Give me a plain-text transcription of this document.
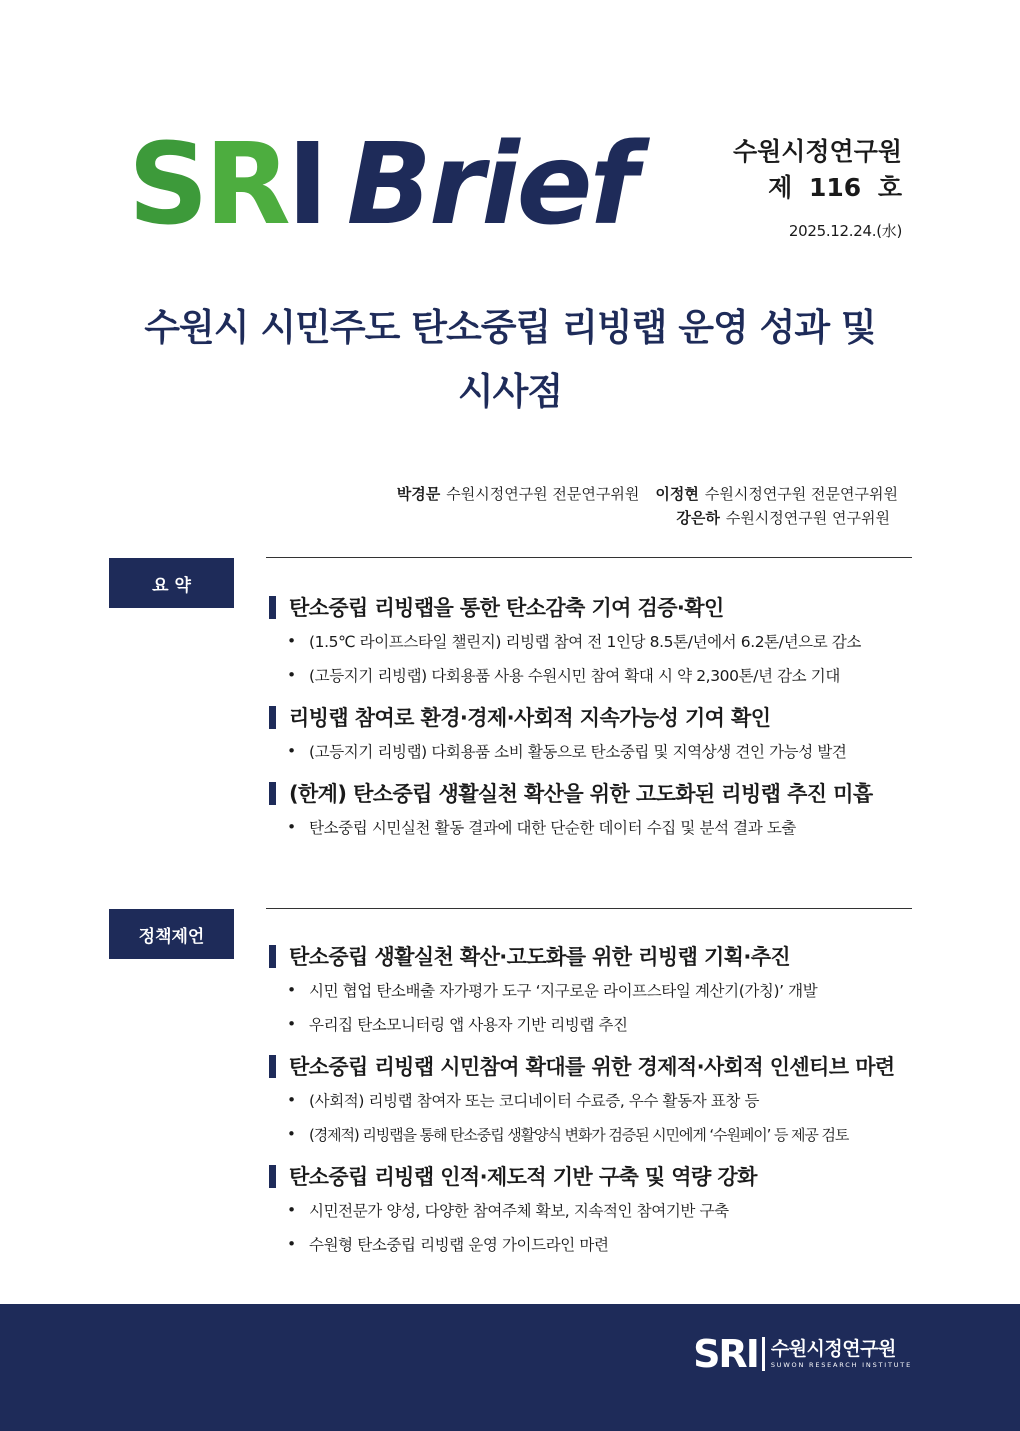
SRI Brief	수원시정연구원
제 116 호
2025.12.24.(水)
수원시 시민주도 탄소중립 리빙랩 운영 성과 및
시사점
박경문 수원시정연구원 전문연구위원 이정현 수원시정연구원 전문연구위원
강은하 수원시정연구원 연구위원
요 약
탄소중립 리빙랩을 통한 탄소감축 기여 검증·확인
• (1.5℃ 라이프스타일 챌린지) 리빙랩 참여 전 1인당 8.5톤/년에서 6.2톤/년으로 감소
• (고등지기 리빙랩) 다회용품 사용 수원시민 참여 확대 시 약 2,300톤/년 감소 기대
리빙랩 참여로 환경·경제·사회적 지속가능성 기여 확인
• (고등지기 리빙랩) 다회용품 소비 활동으로 탄소중립 및 지역상생 견인 가능성 발견
(한계) 탄소중립 생활실천 확산을 위한 고도화된 리빙랩 추진 미흡
• 탄소중립 시민실천 활동 결과에 대한 단순한 데이터 수집 및 분석 결과 도출
정책제언
탄소중립 생활실천 확산·고도화를 위한 리빙랩 기획·추진
• 시민 협업 탄소배출 자가평가 도구 ‘지구로운 라이프스타일 계산기(가칭)’ 개발
• 우리집 탄소모니터링 앱 사용자 기반 리빙랩 추진
탄소중립 리빙랩 시민참여 확대를 위한 경제적·사회적 인센티브 마련
• (사회적) 리빙랩 참여자 또는 코디네이터 수료증, 우수 활동자 표창 등
• (경제적) 리빙랩을 통해 탄소중립 생활양식 변화가 검증된 시민에게 ‘수원페이’ 등 제공 검토
탄소중립 리빙랩 인적·제도적 기반 구축 및 역량 강화
• 시민전문가 양성, 다양한 참여주체 확보, 지속적인 참여기반 구축
• 수원형 탄소중립 리빙랩 운영 가이드라인 마련
SRI 수원시정연구원
SUWON RESEARCH INSTITUTE
